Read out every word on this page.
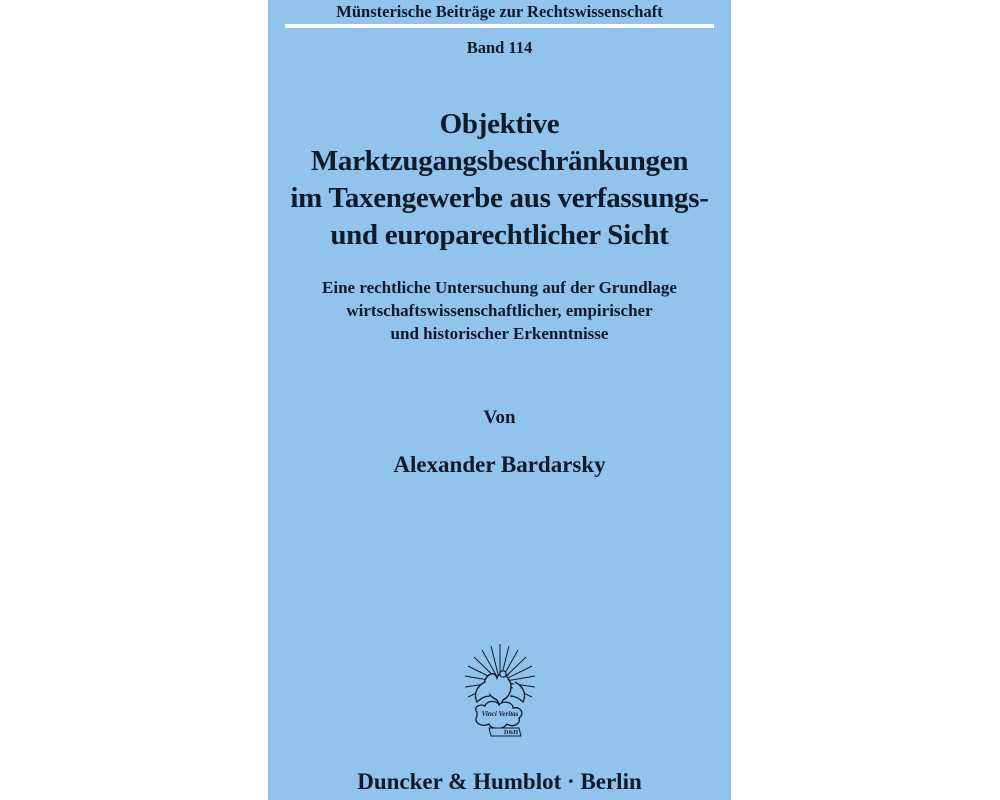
Münsterische Beiträge zur Rechtswissenschaft
Band 114
Objektive
Marktzugangsbeschränkungen
im Taxengewerbe aus verfassungs-
und europarechtlicher Sicht
Eine rechtliche Untersuchung auf der Grundlage
wirtschaftswissenschaftlicher, empirischer
und historischer Erkenntnisse
Von
Alexander Bardarsky
Vinci Veritas
D&H
Duncker & Humblot · Berlin
